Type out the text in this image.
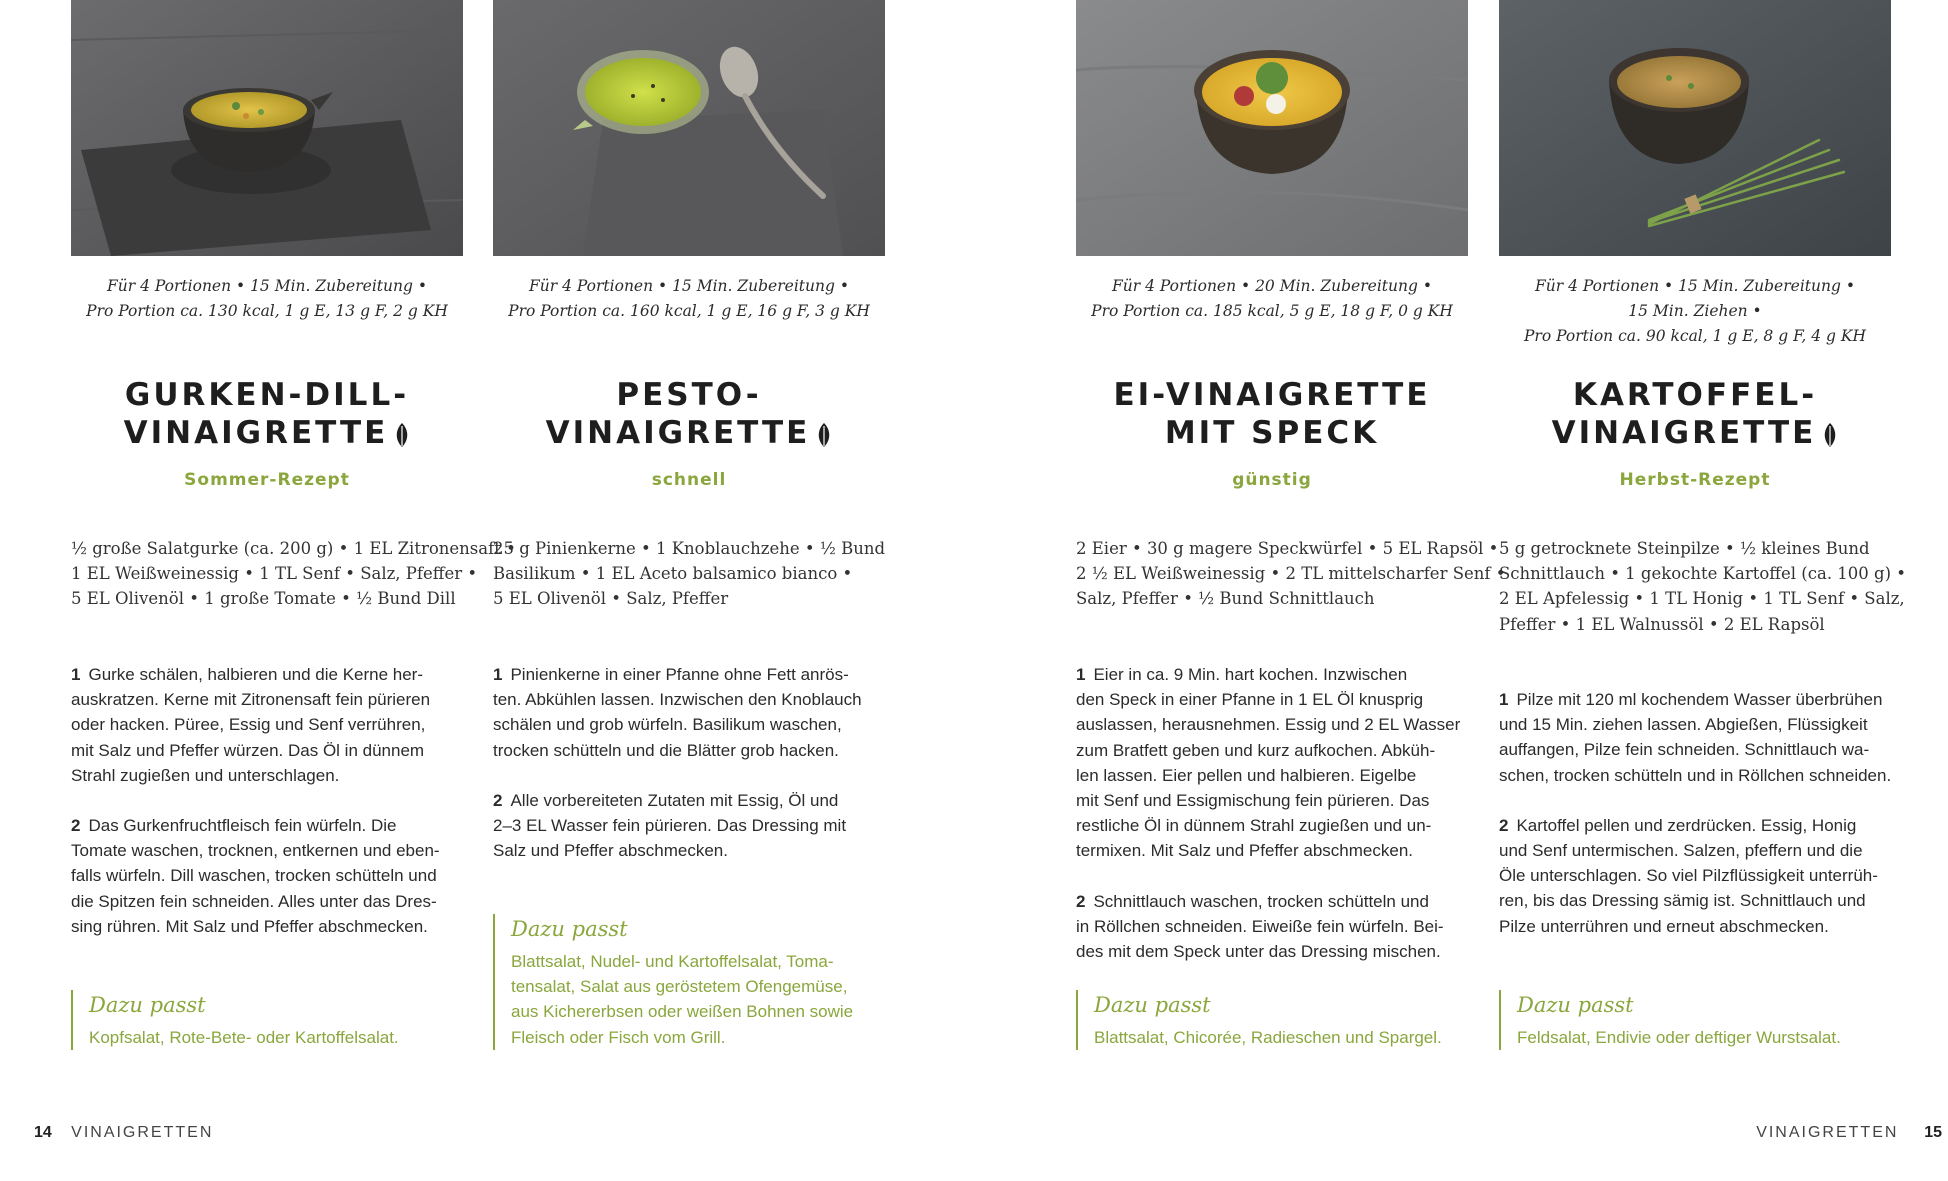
Für 4 Portionen • 15 Min. Zubereitung •
Pro Portion ca. 130 kcal, 1 g E, 13 g F, 2 g KH
GURKEN-DILL-
VINAIGRETTE
Sommer-Rezept
½ große Salatgurke (ca. 200 g) • 1 EL Zitronensaft •
1 EL Weißweinessig • 1 TL Senf • Salz, Pfeffer •
5 EL Olivenöl • 1 große Tomate • ½ Bund Dill
1 Gurke schälen, halbieren und die Kerne her-
auskratzen. Kerne mit Zitronensaft fein pürieren
oder hacken. Püree, Essig und Senf verrühren,
mit Salz und Pfeffer würzen. Das Öl in dünnem
Strahl zugießen und unterschlagen.
2 Das Gurkenfruchtfleisch fein würfeln. Die
Tomate waschen, trocknen, entkernen und eben-
falls würfeln. Dill waschen, trocken schütteln und
die Spitzen fein schneiden. Alles unter das Dres-
sing rühren. Mit Salz und Pfeffer abschmecken.
Dazu passt
Kopfsalat, Rote-Bete- oder Kartoffelsalat.
Für 4 Portionen • 15 Min. Zubereitung •
Pro Portion ca. 160 kcal, 1 g E, 16 g F, 3 g KH
PESTO-
VINAIGRETTE
schnell
25 g Pinienkerne • 1 Knoblauchzehe • ½ Bund
Basilikum • 1 EL Aceto balsamico bianco •
5 EL Olivenöl • Salz, Pfeffer
1 Pinienkerne in einer Pfanne ohne Fett anrös-
ten. Abkühlen lassen. Inzwischen den Knoblauch
schälen und grob würfeln. Basilikum waschen,
trocken schütteln und die Blätter grob hacken.
2 Alle vorbereiteten Zutaten mit Essig, Öl und
2–3 EL Wasser fein pürieren. Das Dressing mit
Salz und Pfeffer abschmecken.
Dazu passt
Blattsalat, Nudel- und Kartoffelsalat, Toma-
tensalat, Salat aus geröstetem Ofengemüse,
aus Kichererbsen oder weißen Bohnen sowie
Fleisch oder Fisch vom Grill.
Für 4 Portionen • 20 Min. Zubereitung •
Pro Portion ca. 185 kcal, 5 g E, 18 g F, 0 g KH
EI-VINAIGRETTE
MIT SPECK
günstig
2 Eier • 30 g magere Speckwürfel • 5 EL Rapsöl •
2 ½ EL Weißweinessig • 2 TL mittelscharfer Senf •
Salz, Pfeffer • ½ Bund Schnittlauch
1 Eier in ca. 9 Min. hart kochen. Inzwischen
den Speck in einer Pfanne in 1 EL Öl knusprig
auslassen, herausnehmen. Essig und 2 EL Wasser
zum Bratfett geben und kurz aufkochen. Abküh-
len lassen. Eier pellen und halbieren. Eigelbe
mit Senf und Essigmischung fein pürieren. Das
restliche Öl in dünnem Strahl zugießen und un-
termixen. Mit Salz und Pfeffer abschmecken.
2 Schnittlauch waschen, trocken schütteln und
in Röllchen schneiden. Eiweiße fein würfeln. Bei-
des mit dem Speck unter das Dressing mischen.
Dazu passt
Blattsalat, Chicorée, Radieschen und Spargel.
Für 4 Portionen • 15 Min. Zubereitung •
15 Min. Ziehen •
Pro Portion ca. 90 kcal, 1 g E, 8 g F, 4 g KH
KARTOFFEL-
VINAIGRETTE
Herbst-Rezept
5 g getrocknete Steinpilze • ½ kleines Bund
Schnittlauch • 1 gekochte Kartoffel (ca. 100 g) •
2 EL Apfelessig • 1 TL Honig • 1 TL Senf • Salz,
Pfeffer • 1 EL Walnussöl • 2 EL Rapsöl
1 Pilze mit 120 ml kochendem Wasser überbrühen
und 15 Min. ziehen lassen. Abgießen, Flüssigkeit
auffangen, Pilze fein schneiden. Schnittlauch wa-
schen, trocken schütteln und in Röllchen schneiden.
2 Kartoffel pellen und zerdrücken. Essig, Honig
und Senf untermischen. Salzen, pfeffern und die
Öle unterschlagen. So viel Pilzflüssigkeit unterrüh-
ren, bis das Dressing sämig ist. Schnittlauch und
Pilze unterrühren und erneut abschmecken.
Dazu passt
Feldsalat, Endivie oder deftiger Wurstsalat.
14 VINAIGRETTEN	VINAIGRETTEN 15
